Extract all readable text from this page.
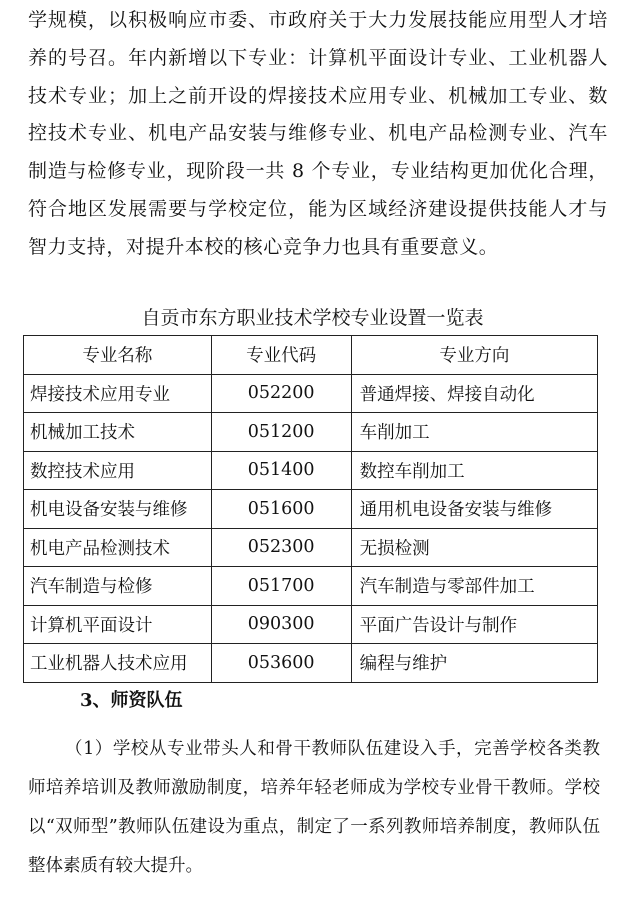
学规模，以积极响应市委、市政府关于大力发展技能应用型人才培养的号召。年内新增以下专业：计算机平面设计专业、工业机器人技术专业；加上之前开设的焊接技术应用专业、机械加工专业、数控技术专业、机电产品安装与维修专业、机电产品检测专业、汽车制造与检修专业，现阶段一共 8 个专业，专业结构更加优化合理，符合地区发展需要与学校定位，能为区域经济建设提供技能人才与智力支持，对提升本校的核心竞争力也具有重要意义。

自贡市东方职业技术学校专业设置一览表

专业名称	专业代码	专业方向
焊接技术应用专业	052200	普通焊接、焊接自动化
机械加工技术	051200	车削加工
数控技术应用	051400	数控车削加工
机电设备安装与维修	051600	通用机电设备安装与维修
机电产品检测技术	052300	无损检测
汽车制造与检修	051700	汽车制造与零部件加工
计算机平面设计	090300	平面广告设计与制作
工业机器人技术应用	053600	编程与维护

3、师资队伍

（1）学校从专业带头人和骨干教师队伍建设入手，完善学校各类教师培养培训及教师激励制度，培养年轻老师成为学校专业骨干教师。学校以“双师型”教师队伍建设为重点，制定了一系列教师培养制度，教师队伍整体素质有较大提升。
